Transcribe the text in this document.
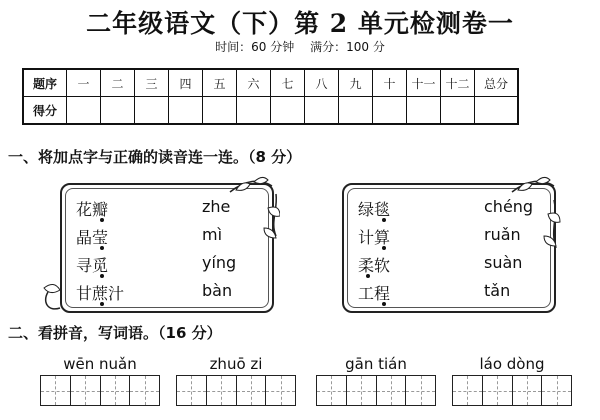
二年级语文（下）第 2 单元检测卷一
时间：60 分钟 满分：100 分
题序	一	二	三	四	五	六	七	八	九	十	十一	十二	总分
得分													
一、将加点字与正确的读音连一连。（8 分）
花瓣
晶莹
寻觅
甘蔗汁
zhe
mì
yíng
bàn
绿毯
计算
柔软
工程
chéng
ruǎn
suàn
tǎn
二、看拼音，写词语。（16 分）
wēn nuǎn	zhuō zi	gān tián	láo dòng
